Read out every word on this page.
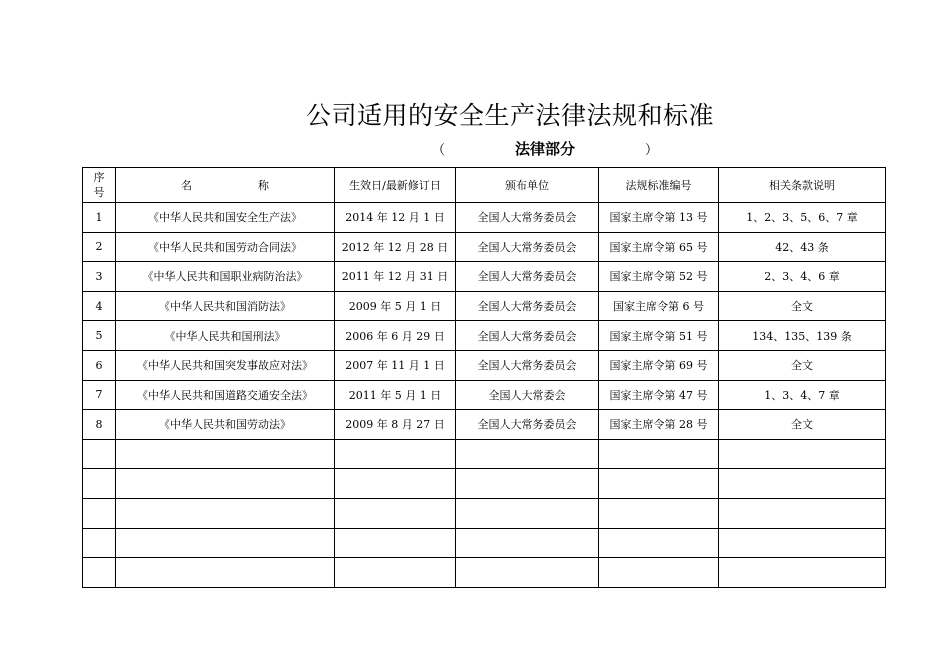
公司适用的安全生产法律法规和标准
（	法律部分	）
序
号	名 称	生效日/最新修订日	颁布单位	法规标准编号	相关条款说明
1	《中华人民共和国安全生产法》	2014 年 12 月 1 日	全国人大常务委员会	国家主席令第 13 号	1、2、3、5、6、7 章
2	《中华人民共和国劳动合同法》	2012 年 12 月 28 日	全国人大常务委员会	国家主席令第 65 号	42、43 条
3	《中华人民共和国职业病防治法》	2011 年 12 月 31 日	全国人大常务委员会	国家主席令第 52 号	2、3、4、6 章
4	《中华人民共和国消防法》	2009 年 5 月 1 日	全国人大常务委员会	国家主席令第 6 号	全文
5	《中华人民共和国刑法》	2006 年 6 月 29 日	全国人大常务委员会	国家主席令第 51 号	134、135、139 条
6	《中华人民共和国突发事故应对法》	2007 年 11 月 1 日	全国人大常务委员会	国家主席令第 69 号	全文
7	《中华人民共和国道路交通安全法》	2011 年 5 月 1 日	全国人大常委会	国家主席令第 47 号	1、3、4、7 章
8	《中华人民共和国劳动法》	2009 年 8 月 27 日	全国人大常务委员会	国家主席令第 28 号	全文
